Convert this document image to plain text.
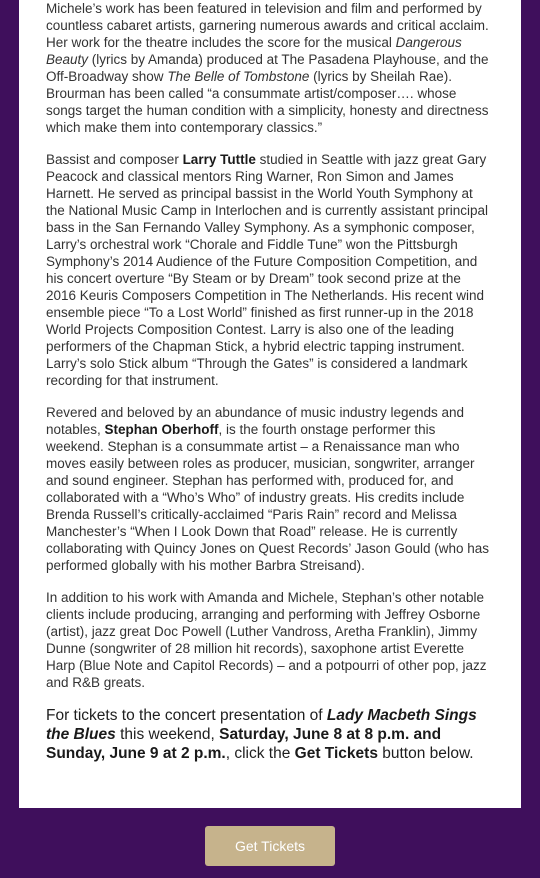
Michele’s work has been featured in television and film and performed by countless cabaret artists, garnering numerous awards and critical acclaim. Her work for the theatre includes the score for the musical Dangerous Beauty (lyrics by Amanda) produced at The Pasadena Playhouse, and the Off-Broadway show The Belle of Tombstone (lyrics by Sheilah Rae). Brourman has been called “a consummate artist/composer…. whose songs target the human condition with a simplicity, honesty and directness which make them into contemporary classics.”

Bassist and composer Larry Tuttle studied in Seattle with jazz great Gary Peacock and classical mentors Ring Warner, Ron Simon and James Harnett. He served as principal bassist in the World Youth Symphony at the National Music Camp in Interlochen and is currently assistant principal bass in the San Fernando Valley Symphony. As a symphonic composer, Larry’s orchestral work “Chorale and Fiddle Tune” won the Pittsburgh Symphony’s 2014 Audience of the Future Composition Competition, and his concert overture “By Steam or by Dream” took second prize at the 2016 Keuris Composers Competition in The Netherlands. His recent wind ensemble piece “To a Lost World” finished as first runner-up in the 2018 World Projects Composition Contest. Larry is also one of the leading performers of the Chapman Stick, a hybrid electric tapping instrument. Larry’s solo Stick album “Through the Gates” is considered a landmark recording for that instrument.

Revered and beloved by an abundance of music industry legends and notables, Stephan Oberhoff, is the fourth onstage performer this weekend. Stephan is a consummate artist – a Renaissance man who moves easily between roles as producer, musician, songwriter, arranger and sound engineer. Stephan has performed with, produced for, and collaborated with a “Who’s Who” of industry greats. His credits include Brenda Russell’s critically-acclaimed “Paris Rain” record and Melissa Manchester’s “When I Look Down that Road” release. He is currently collaborating with Quincy Jones on Quest Records’ Jason Gould (who has performed globally with his mother Barbra Streisand).

In addition to his work with Amanda and Michele, Stephan’s other notable clients include producing, arranging and performing with Jeffrey Osborne (artist), jazz great Doc Powell (Luther Vandross, Aretha Franklin), Jimmy Dunne (songwriter of 28 million hit records), saxophone artist Everette Harp (Blue Note and Capitol Records) – and a potpourri of other pop, jazz and R&B greats.

For tickets to the concert presentation of Lady Macbeth Sings the Blues this weekend, Saturday, June 8 at 8 p.m. and Sunday, June 9 at 2 p.m., click the Get Tickets button below.

Get Tickets
